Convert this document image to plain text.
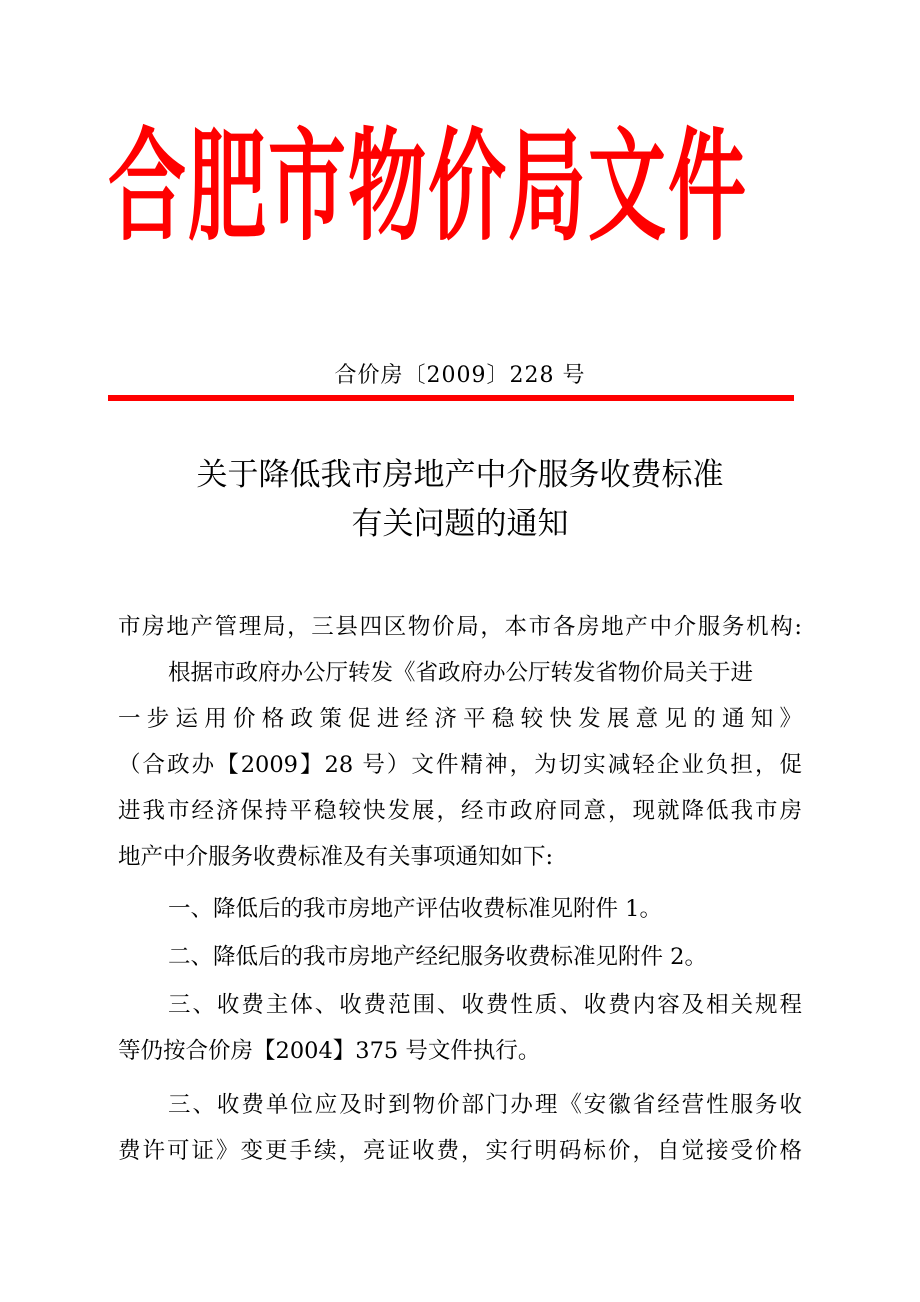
合肥市物价局文件
合价房〔2009〕228 号
关于降低我市房地产中介服务收费标准
有关问题的通知
市房地产管理局，三县四区物价局，本市各房地产中介服务机构:
根据市政府办公厅转发《省政府办公厅转发省物价局关于进
一步运用价格政策促进经济平稳较快发展意见的通知》
（合政办【2009】28 号）文件精神，为切实减轻企业负担，促
进我市经济保持平稳较快发展，经市政府同意，现就降低我市房
地产中介服务收费标准及有关事项通知如下:
一、降低后的我市房地产评估收费标准见附件 1。
二、降低后的我市房地产经纪服务收费标准见附件 2。
三、收费主体、收费范围、收费性质、收费内容及相关规程
等仍按合价房【2004】375 号文件执行。
三、收费单位应及时到物价部门办理《安徽省经营性服务收
费许可证》变更手续，亮证收费，实行明码标价，自觉接受价格
